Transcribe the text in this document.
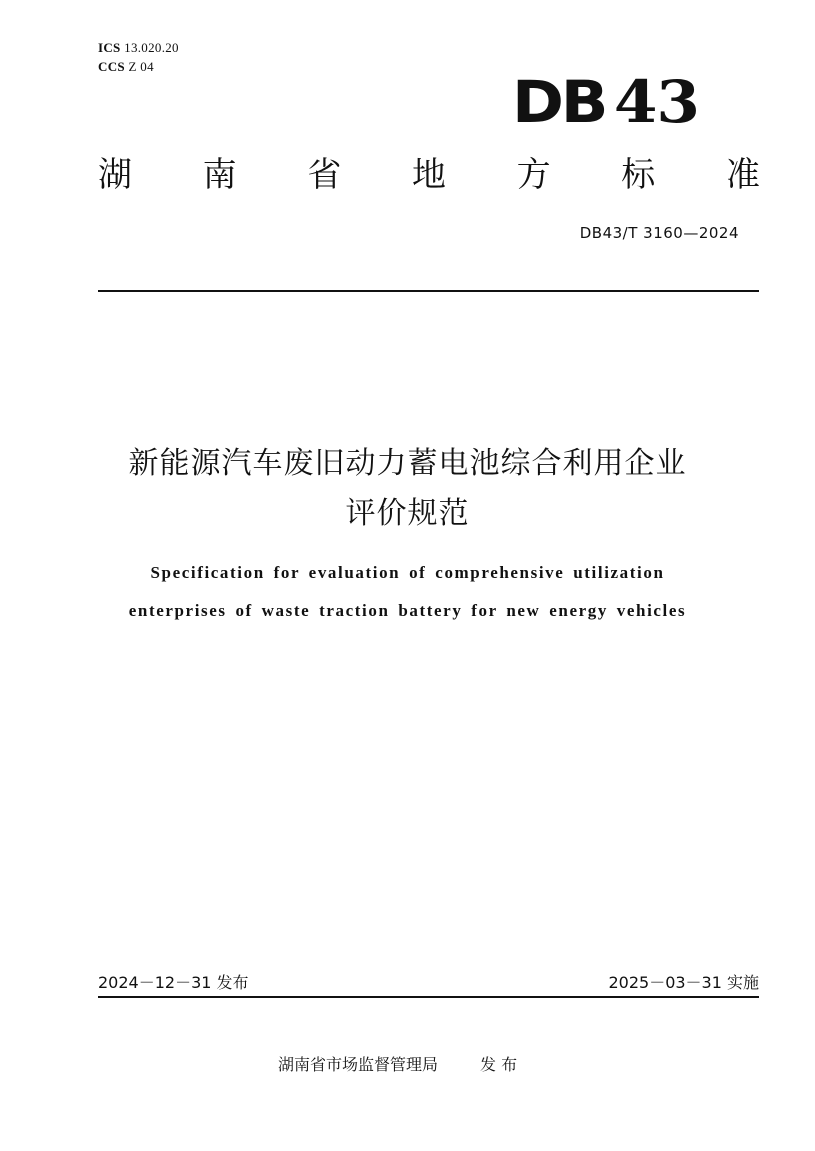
ICS 13.020.20
CCS Z 04
DB 43
湖 南 省 地 方 标 准
DB43/T 3160—2024
新能源汽车废旧动力蓄电池综合利用企业
评价规范
Specification for evaluation of comprehensive utilization
enterprises of waste traction battery for new energy vehicles
2024－12－31 发布	2025－03－31 实施
湖南省市场监督管理局	发 布
